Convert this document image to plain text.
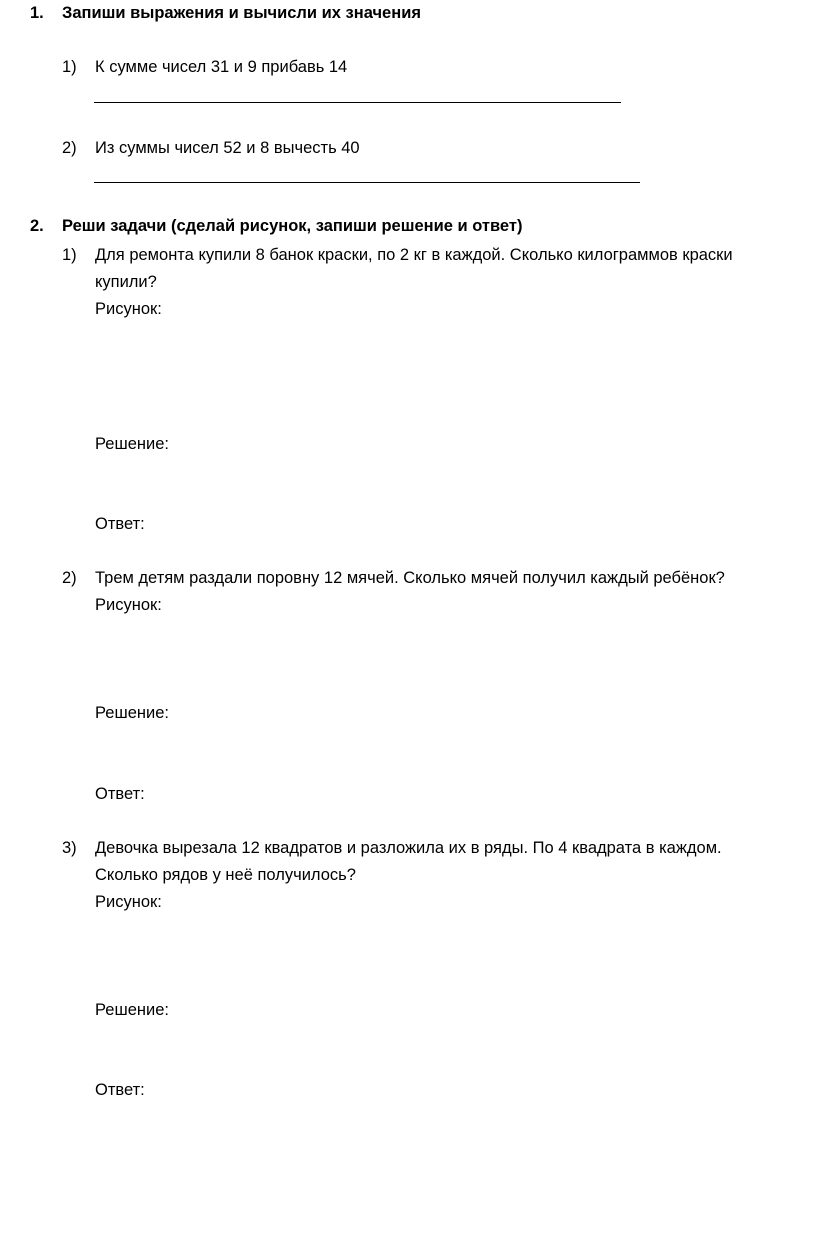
1. Запиши выражения и вычисли их значения
1) К сумме чисел 31 и 9 прибавь 14
2) Из суммы чисел 52 и 8 вычесть 40
2. Реши задачи (сделай рисунок, запиши решение и ответ)
1) Для ремонта купили 8 банок краски, по 2 кг в каждой. Сколько килограммов краски
купили?
Рисунок:
Решение:
Ответ:
2) Трем детям раздали поровну 12 мячей. Сколько мячей получил каждый ребёнок?
Рисунок:
Решение:
Ответ:
3) Девочка вырезала 12 квадратов и разложила их в ряды. По 4 квадрата в каждом.
Сколько рядов у неё получилось?
Рисунок:
Решение:
Ответ:
